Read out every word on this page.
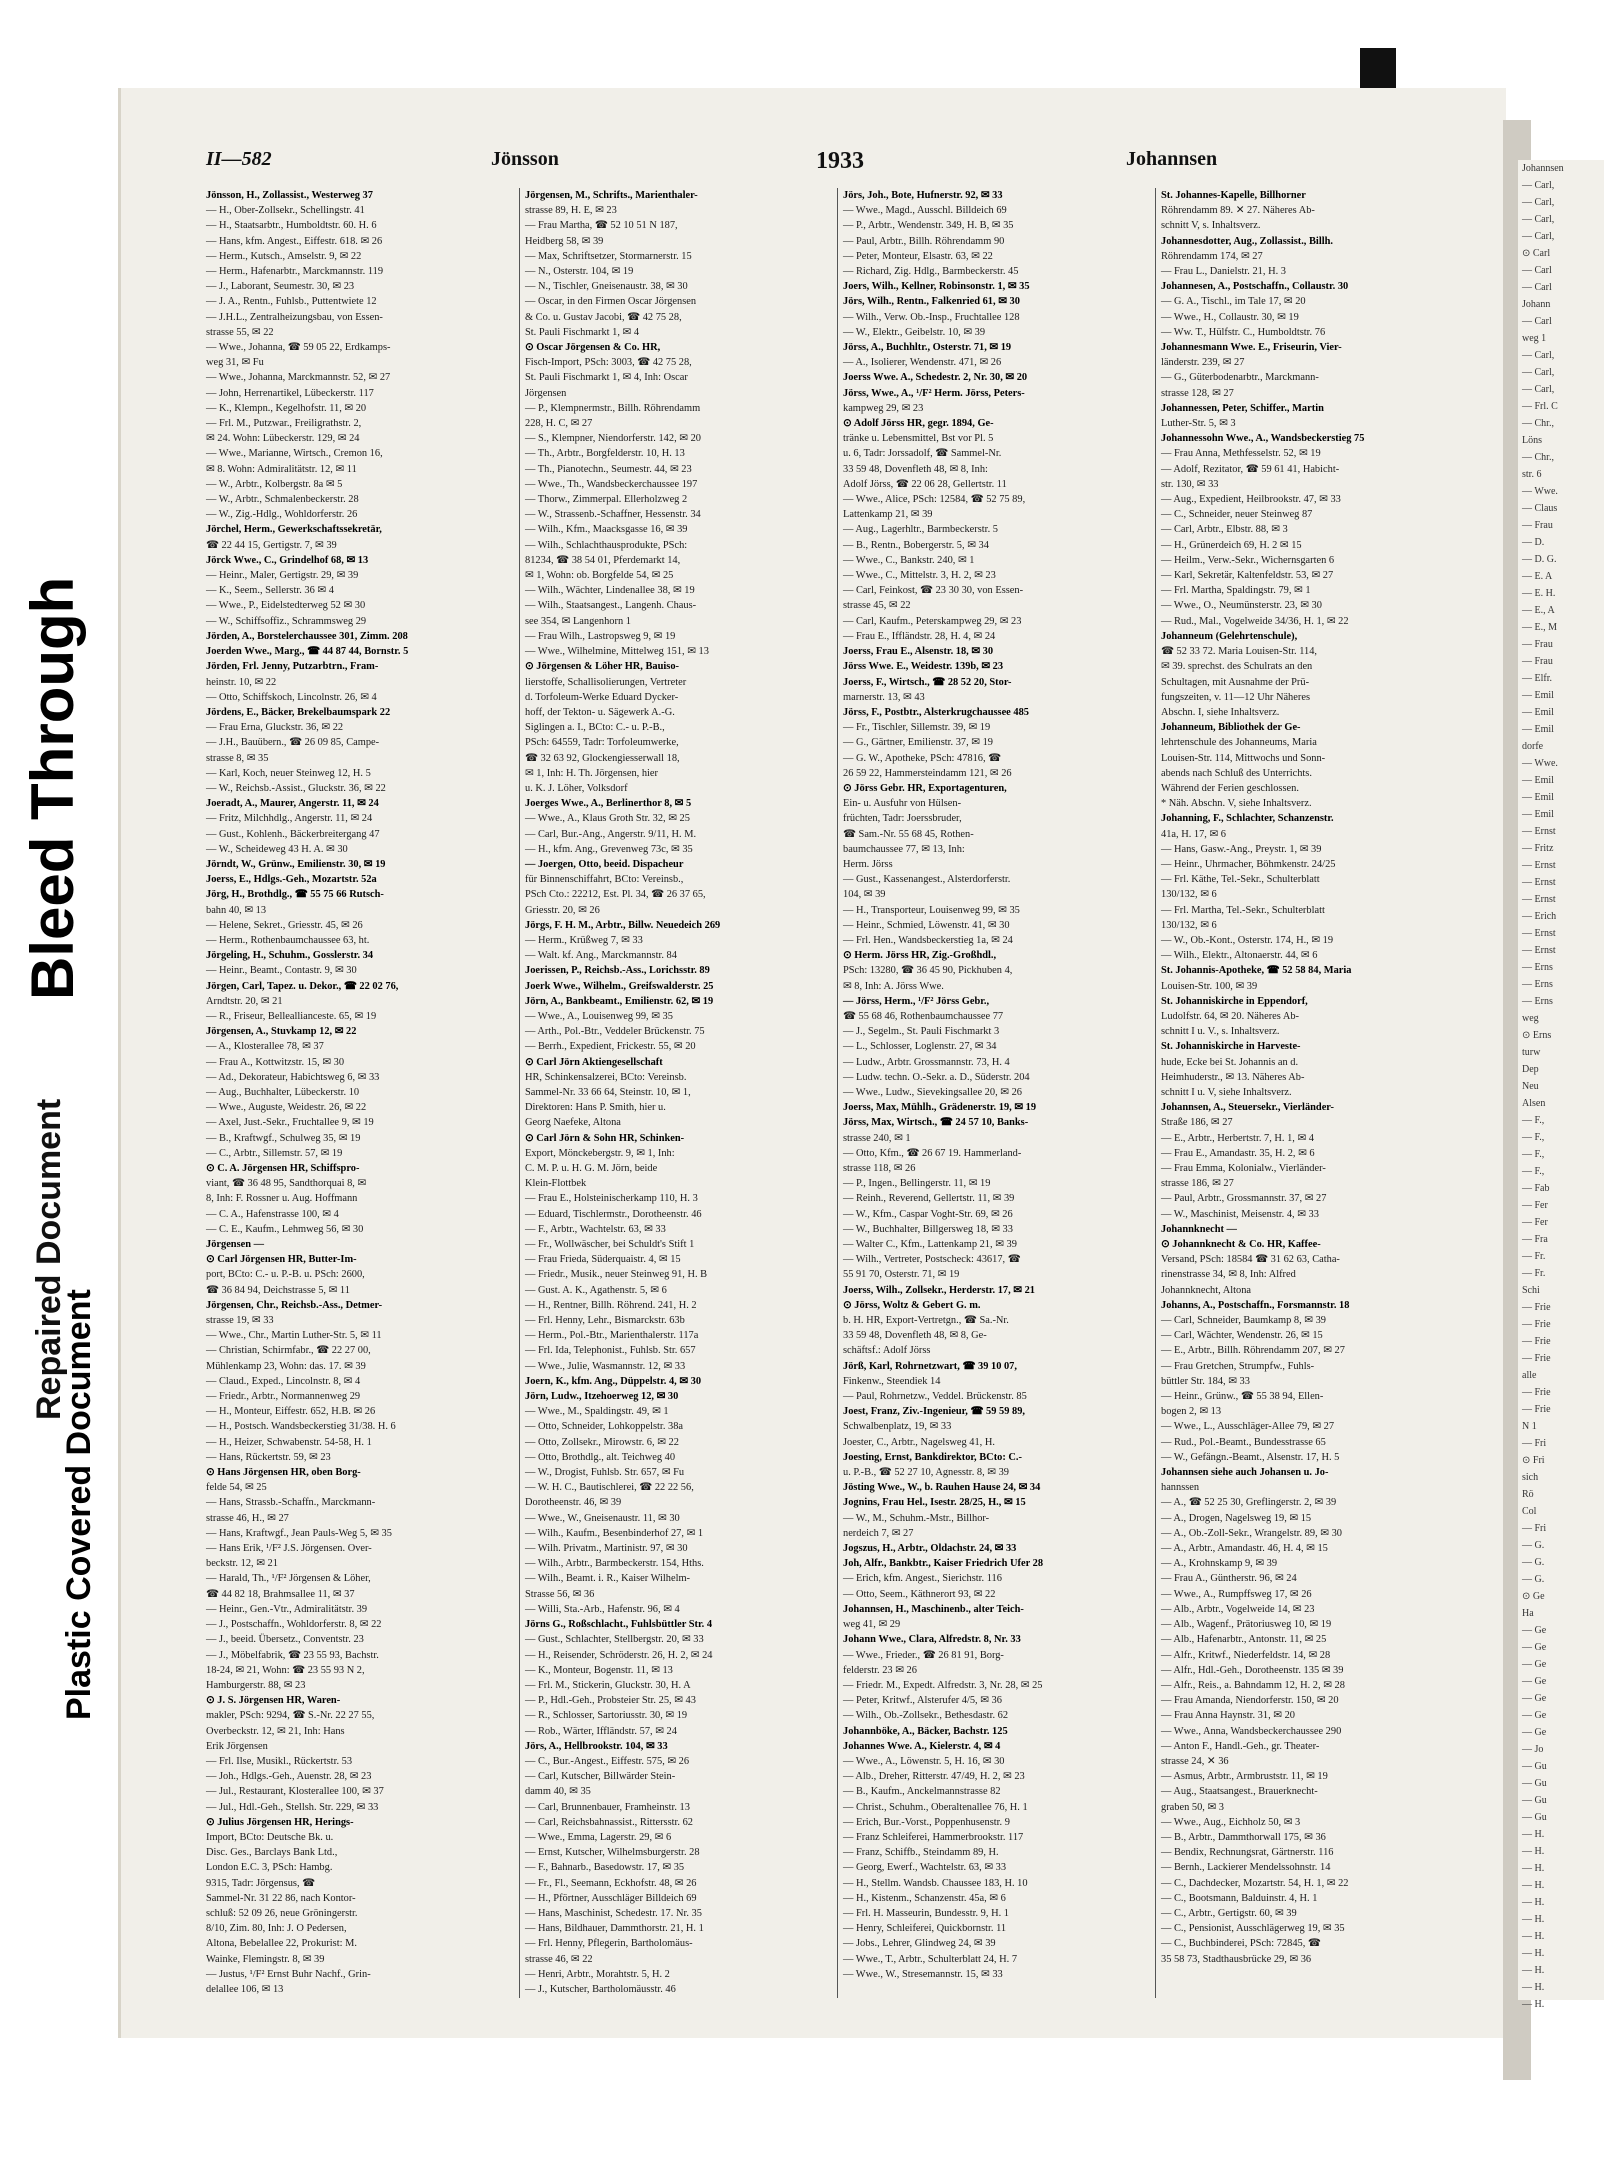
Repaired Document
Plastic Covered Document
Bleed Through
II—582	Jönsson	1933	Johannsen
Jönsson, H., Zollassist., Westerweg 37
— H., Ober-Zollsekr., Schellingstr. 41
— H., Staatsarbtr., Humboldtstr. 60. H. 6
— Hans, kfm. Angest., Eiffestr. 618. ✉ 26
— Herm., Kutsch., Amselstr. 9, ✉ 22
— Herm., Hafenarbtr., Marckmannstr. 119
— J., Laborant, Seumestr. 30, ✉ 23
— J. A., Rentn., Fuhlsb., Puttentwiete 12
— J.H.L., Zentralheizungsbau, von Essen-
strasse 55, ✉ 22
— Wwe., Johanna, ☎ 59 05 22, Erdkamps-
weg 31, ✉ Fu
— Wwe., Johanna, Marckmannstr. 52, ✉ 27
— John, Herrenartikel, Lübeckerstr. 117
— K., Klempn., Kegelhofstr. 11, ✉ 20
— Frl. M., Putzwar., Freiligrathstr. 2,
✉ 24. Wohn: Lübeckerstr. 129, ✉ 24
— Wwe., Marianne, Wirtsch., Cremon 16,
✉ 8. Wohn: Admiralitätstr. 12, ✉ 11
— W., Arbtr., Kolbergstr. 8a ✉ 5
— W., Arbtr., Schmalenbeckerstr. 28
— W., Zig.-Hdlg., Wohldorferstr. 26
Jörchel, Herm., Gewerkschaftssekretär,
☎ 22 44 15, Gertigstr. 7, ✉ 39
Jörck Wwe., C., Grindelhof 68, ✉ 13
— Heinr., Maler, Gertigstr. 29, ✉ 39
— K., Seem., Sellerstr. 36 ✉ 4
— Wwe., P., Eidelstedterweg 52 ✉ 30
— W., Schiffsoffiz., Schrammsweg 29
Jörden, A., Borstelerchaussee 301, Zimm. 208
Joerden Wwe., Marg., ☎ 44 87 44, Bornstr. 5
Jörden, Frl. Jenny, Putzarbtrn., Fram-
heinstr. 10, ✉ 22
— Otto, Schiffskoch, Lincolnstr. 26, ✉ 4
Jördens, E., Bäcker, Brekelbaumspark 22
— Frau Erna, Gluckstr. 36, ✉ 22
— J.H., Bauübern., ☎ 26 09 85, Campe-
strasse 8, ✉ 35
— Karl, Koch, neuer Steinweg 12, H. 5
— W., Reichsb.-Assist., Gluckstr. 36, ✉ 22
Joeradt, A., Maurer, Angerstr. 11, ✉ 24
— Fritz, Milchhdlg., Angerstr. 11, ✉ 24
— Gust., Kohlenh., Bäckerbreitergang 47
— W., Scheideweg 43 H. A. ✉ 30
Jörndt, W., Grünw., Emilienstr. 30, ✉ 19
Joerss, E., Hdlgs.-Geh., Mozartstr. 52a
Jörg, H., Brothdlg., ☎ 55 75 66 Rutsch-
bahn 40, ✉ 13
— Helene, Sekret., Griesstr. 45, ✉ 26
— Herm., Rothenbaumchaussee 63, ht.
Jörgeling, H., Schuhm., Gosslerstr. 34
— Heinr., Beamt., Contastr. 9, ✉ 30
Jörgen, Carl, Tapez. u. Dekor., ☎ 22 02 76,
Arndtstr. 20, ✉ 21
— R., Friseur, Belleallianceste. 65, ✉ 19
Jörgensen, A., Stuvkamp 12, ✉ 22
— A., Klosterallee 78, ✉ 37
— Frau A., Kottwitzstr. 15, ✉ 30
— Ad., Dekorateur, Habichtsweg 6, ✉ 33
— Aug., Buchhalter, Lübeckerstr. 10
— Wwe., Auguste, Weidestr. 26, ✉ 22
— Axel, Just.-Sekr., Fruchtallee 9, ✉ 19
— B., Kraftwgf., Schulweg 35, ✉ 19
— C., Arbtr., Sillemstr. 57, ✉ 19
⊙ C. A. Jörgensen HR, Schiffspro-
viant, ☎ 36 48 95, Sandthorquai 8, ✉
8, Inh: F. Rossner u. Aug. Hoffmann
— C. A., Hafenstrasse 100, ✉ 4
— C. E., Kaufm., Lehmweg 56, ✉ 30
Jörgensen —
⊙ Carl Jörgensen HR, Butter-Im-
port, BCto: C.- u. P.-B. u. PSch: 2600,
☎ 36 84 94, Deichstrasse 5, ✉ 11
Jörgensen, Chr., Reichsb.-Ass., Detmer-
strasse 19, ✉ 33
— Wwe., Chr., Martin Luther-Str. 5, ✉ 11
— Christian, Schirmfabr., ☎ 22 27 00,
Mühlenkamp 23, Wohn: das. 17. ✉ 39
— Claud., Exped., Lincolnstr. 8, ✉ 4
— Friedr., Arbtr., Normannenweg 29
— H., Monteur, Eiffestr. 652, H.B. ✉ 26
— H., Postsch. Wandsbeckerstieg 31/38. H. 6
— H., Heizer, Schwabenstr. 54-58, H. 1
— Hans, Rückertstr. 59, ✉ 23
⊙ Hans Jörgensen HR, oben Borg-
felde 54, ✉ 25
— Hans, Strassb.-Schaffn., Marckmann-
strasse 46, H., ✉ 27
— Hans, Kraftwgf., Jean Pauls-Weg 5, ✉ 35
— Hans Erik, ¹/F² J.S. Jörgensen. Over-
beckstr. 12, ✉ 21
— Harald, Th., ¹/F² Jörgensen & Löher,
☎ 44 82 18, Brahmsallee 11, ✉ 37
— Heinr., Gen.-Vtr., Admiralitätstr. 39
— J., Postschaffn., Wohldorferstr. 8, ✉ 22
— J., beeid. Übersetz., Conventstr. 23
— J., Möbelfabrik, ☎ 23 55 93, Bachstr.
18-24, ✉ 21, Wohn: ☎ 23 55 93 N 2,
Hamburgerstr. 88, ✉ 23
⊙ J. S. Jörgensen HR, Waren-
makler, PSch: 9294, ☎ S.-Nr. 22 27 55,
Overbeckstr. 12, ✉ 21, Inh: Hans
Erik Jörgensen
— Frl. Ilse, Musikl., Rückertstr. 53
— Joh., Hdlgs.-Geh., Auenstr. 28, ✉ 23
— Jul., Restaurant, Klosterallee 100, ✉ 37
— Jul., Hdl.-Geh., Stellsh. Str. 229, ✉ 33
⊙ Julius Jörgensen HR, Herings-
Import, BCto: Deutsche Bk. u.
Disc. Ges., Barclays Bank Ltd.,
London E.C. 3, PSch: Hambg.
9315, Tadr: Jörgensus, ☎
Sammel-Nr. 31 22 86, nach Kontor-
schluß: 52 09 26, neue Gröningerstr.
8/10, Zim. 80, Inh: J. O Pedersen,
Altona, Bebelallee 22, Prokurist: M.
Wainke, Flemingstr. 8, ✉ 39
— Justus, ¹/F² Ernst Buhr Nachf., Grin-
delallee 106, ✉ 13
Jörgensen, M., Schrifts., Marienthaler-
strasse 89, H. E, ✉ 23
— Frau Martha, ☎ 52 10 51 N 187,
Heidberg 58, ✉ 39
— Max, Schriftsetzer, Stormarnerstr. 15
— N., Osterstr. 104, ✉ 19
— N., Tischler, Gneisenaustr. 38, ✉ 30
— Oscar, in den Firmen Oscar Jörgensen
& Co. u. Gustav Jacobi, ☎ 42 75 28,
St. Pauli Fischmarkt 1, ✉ 4
⊙ Oscar Jörgensen & Co. HR,
Fisch-Import, PSch: 3003, ☎ 42 75 28,
St. Pauli Fischmarkt 1, ✉ 4, Inh: Oscar
Jörgensen
— P., Klempnermstr., Billh. Röhrendamm
228, H. C, ✉ 27
— S., Klempner, Niendorferstr. 142, ✉ 20
— Th., Arbtr., Borgfelderstr. 10, H. 13
— Th., Pianotechn., Seumestr. 44, ✉ 23
— Wwe., Th., Wandsbeckerchaussee 197
— Thorw., Zimmerpal. Ellerholzweg 2
— W., Strassenb.-Schaffner, Hessenstr. 34
— Wilh., Kfm., Maacksgasse 16, ✉ 39
— Wilh., Schlachthausprodukte, PSch:
81234, ☎ 38 54 01, Pferdemarkt 14,
✉ 1, Wohn: ob. Borgfelde 54, ✉ 25
— Wilh., Wächter, Lindenallee 38, ✉ 19
— Wilh., Staatsangest., Langenh. Chaus-
see 354, ✉ Langenhorn 1
— Frau Wilh., Lastropsweg 9, ✉ 19
— Wwe., Wilhelmine, Mittelweg 151, ✉ 13
⊙ Jörgensen & Löher HR, Bauiso-
lierstoffe, Schallisolierungen, Vertreter
d. Torfoleum-Werke Eduard Dycker-
hoff, der Tekton- u. Sägewerk A.-G.
Siglingen a. I., BCto: C.- u. P.-B.,
PSch: 64559, Tadr: Torfoleumwerke,
☎ 32 63 92, Glockengiesserwall 18,
✉ 1, Inh: H. Th. Jörgensen, hier
u. K. J. Löher, Volksdorf
Joerges Wwe., A., Berlinerthor 8, ✉ 5
— Wwe., A., Klaus Groth Str. 32, ✉ 25
— Carl, Bur.-Ang., Angerstr. 9/11, H. M.
— H., kfm. Ang., Grevenweg 73c, ✉ 35
— Joergen, Otto, beeid. Dispacheur
für Binnenschiffahrt, BCto: Vereinsb.,
PSch Cto.: 22212, Est. Pl. 34, ☎ 26 37 65,
Griesstr. 20, ✉ 26
Jörgs, F. H. M., Arbtr., Billw. Neuedeich 269
— Herm., Krüßweg 7, ✉ 33
— Walt. kf. Ang., Marckmannstr. 84
Joerissen, P., Reichsb.-Ass., Lorichsstr. 89
Joerk Wwe., Wilhelm., Greifswalderstr. 25
Jörn, A., Bankbeamt., Emilienstr. 62, ✉ 19
— Wwe., A., Louisenweg 99, ✉ 35
— Arth., Pol.-Btr., Veddeler Brückenstr. 75
— Berrh., Expedient, Frickestr. 55, ✉ 20
⊙ Carl Jörn Aktiengesellschaft
HR, Schinkensalzerei, BCto: Vereinsb.
Sammel-Nr. 33 66 64, Steinstr. 10, ✉ 1,
Direktoren: Hans P. Smith, hier u.
Georg Naefeke, Altona
⊙ Carl Jörn & Sohn HR, Schinken-
Export, Mönckebergstr. 9, ✉ 1, Inh:
C. M. P. u. H. G. M. Jörn, beide
Klein-Flottbek
— Frau E., Holsteinischerkamp 110, H. 3
— Eduard, Tischlermstr., Dorotheenstr. 46
— F., Arbtr., Wachtelstr. 63, ✉ 33
— Fr., Wollwäscher, bei Schuldt's Stift 1
— Frau Frieda, Süderquaistr. 4, ✉ 15
— Friedr., Musik., neuer Steinweg 91, H. B
— Gust. A. K., Agathenstr. 5, ✉ 6
— H., Rentner, Billh. Röhrend. 241, H. 2
— Frl. Henny, Lehr., Bismarckstr. 63b
— Herm., Pol.-Btr., Marienthalerstr. 117a
— Frl. Ida, Telephonist., Fuhlsb. Str. 657
— Wwe., Julie, Wasmannstr. 12, ✉ 33
Joern, K., kfm. Ang., Düppelstr. 4, ✉ 30
Jörn, Ludw., Itzehoerweg 12, ✉ 30
— Wwe., M., Spaldingstr. 49, ✉ 1
— Otto, Schneider, Lohkoppelstr. 38a
— Otto, Zollsekr., Mirowstr. 6, ✉ 22
— Otto, Brothdlg., alt. Teichweg 40
— W., Drogist, Fuhlsb. Str. 657, ✉ Fu
— W. H. C., Bautischlerei, ☎ 22 22 56,
Dorotheenstr. 46, ✉ 39
— Wwe., W., Gneisenaustr. 11, ✉ 30
— Wilh., Kaufm., Besenbinderhof 27, ✉ 1
— Wilh. Privatm., Martinistr. 97, ✉ 30
— Wilh., Arbtr., Barmbeckerstr. 154, Hths.
— Wilh., Beamt. i. R., Kaiser Wilhelm-
Strasse 56, ✉ 36
— Willi, Sta.-Arb., Hafenstr. 96, ✉ 4
Jörns G., Roßschlacht., Fuhlsbüttler Str. 4
— Gust., Schlachter, Stellbergstr. 20, ✉ 33
— H., Reisender, Schröderstr. 26, H. 2, ✉ 24
— K., Monteur, Bogenstr. 11, ✉ 13
— Frl. M., Stickerin, Gluckstr. 30, H. A
— P., Hdl.-Geh., Probsteier Str. 25, ✉ 43
— R., Schlosser, Sartoriusstr. 30, ✉ 19
— Rob., Wärter, Iffländstr. 57, ✉ 24
Jörs, A., Hellbrookstr. 104, ✉ 33
— C., Bur.-Angest., Eiffestr. 575, ✉ 26
— Carl, Kutscher, Billwärder Stein-
damm 40, ✉ 35
— Carl, Brunnenbauer, Framheinstr. 13
— Carl, Reichsbahnassist., Rittersstr. 62
— Wwe., Emma, Lagerstr. 29, ✉ 6
— Ernst, Kutscher, Wilhelmsburgerstr. 28
— F., Bahnarb., Basedowstr. 17, ✉ 35
— Fr., Fl., Seemann, Eckhofstr. 48, ✉ 26
— H., Pförtner, Ausschläger Billdeich 69
— Hans, Maschinist, Schedestr. 17. Nr. 35
— Hans, Bildhauer, Dammthorstr. 21, H. 1
— Frl. Henny, Pflegerin, Bartholomäus-
strasse 46, ✉ 22
— Henri, Arbtr., Morahtstr. 5, H. 2
— J., Kutscher, Bartholomäusstr. 46
Jörs, Joh., Bote, Hufnerstr. 92, ✉ 33
— Wwe., Magd., Ausschl. Billdeich 69
— P., Arbtr., Wendenstr. 349, H. B, ✉ 35
— Paul, Arbtr., Billh. Röhrendamm 90
— Peter, Monteur, Elsastr. 63, ✉ 22
— Richard, Zig. Hdlg., Barmbeckerstr. 45
Joers, Wilh., Kellner, Robinsonstr. 1, ✉ 35
Jörs, Wilh., Rentn., Falkenried 61, ✉ 30
— Wilh., Verw. Ob.-Insp., Fruchtallee 128
— W., Elektr., Geibelstr. 10, ✉ 39
Jörss, A., Buchhltr., Osterstr. 71, ✉ 19
— A., Isolierer, Wendenstr. 471, ✉ 26
Joerss Wwe. A., Schedestr. 2, Nr. 30, ✉ 20
Jörss, Wwe., A., ¹/F² Herm. Jörss, Peters-
kampweg 29, ✉ 23
⊙ Adolf Jörss HR, gegr. 1894, Ge-
tränke u. Lebensmittel, Bst vor Pl. 5
u. 6, Tadr: Jorssadolf, ☎ Sammel-Nr.
33 59 48, Dovenfleth 48, ✉ 8, Inh:
Adolf Jörss, ☎ 22 06 28, Gellertstr. 11
— Wwe., Alice, PSch: 12584, ☎ 52 75 89,
Lattenkamp 21, ✉ 39
— Aug., Lagerhltr., Barmbeckerstr. 5
— B., Rentn., Bobergerstr. 5, ✉ 34
— Wwe., C., Bankstr. 240, ✉ 1
— Wwe., C., Mittelstr. 3, H. 2, ✉ 23
— Carl, Feinkost, ☎ 23 30 30, von Essen-
strasse 45, ✉ 22
— Carl, Kaufm., Peterskampweg 29, ✉ 23
— Frau E., Iffländstr. 28, H. 4, ✉ 24
Joerss, Frau E., Alsenstr. 18, ✉ 30
Jörss Wwe. E., Weidestr. 139b, ✉ 23
Joerss, F., Wirtsch., ☎ 28 52 20, Stor-
marnerstr. 13, ✉ 43
Jörss, F., Postbtr., Alsterkrugchaussee 485
— Fr., Tischler, Sillemstr. 39, ✉ 19
— G., Gärtner, Emilienstr. 37, ✉ 19
— G. W., Apotheke, PSch: 47816, ☎
26 59 22, Hammersteindamm 121, ✉ 26
⊙ Jörss Gebr. HR, Exportagenturen,
Ein- u. Ausfuhr von Hülsen-
früchten, Tadr: Joerssbruder,
☎ Sam.-Nr. 55 68 45, Rothen-
baumchaussee 77, ✉ 13, Inh:
Herm. Jörss
— Gust., Kassenangest., Alsterdorferstr.
104, ✉ 39
— H., Transporteur, Louisenweg 99, ✉ 35
— Heinr., Schmied, Löwenstr. 41, ✉ 30
— Frl. Hen., Wandsbeckerstieg 1a, ✉ 24
⊙ Herm. Jörss HR, Zig.-Großhdl.,
PSch: 13280, ☎ 36 45 90, Pickhuben 4,
✉ 8, Inh: A. Jörss Wwe.
— Jörss, Herm., ¹/F² Jörss Gebr.,
☎ 55 68 46, Rothenbaumchaussee 77
— J., Segelm., St. Pauli Fischmarkt 3
— L., Schlosser, Loglenstr. 27, ✉ 34
— Ludw., Arbtr. Grossmannstr. 73, H. 4
— Ludw. techn. O.-Sekr. a. D., Süderstr. 204
— Wwe., Ludw., Sievekingsallee 20, ✉ 26
Joerss, Max, Mühlh., Grädenerstr. 19, ✉ 19
Jörss, Max, Wirtsch., ☎ 24 57 10, Banks-
strasse 240, ✉ 1
— Otto, Kfm., ☎ 26 67 19. Hammerland-
strasse 118, ✉ 26
— P., Ingen., Bellingerstr. 11, ✉ 19
— Reinh., Reverend, Gellertstr. 11, ✉ 39
— W., Kfm., Caspar Voght-Str. 69, ✉ 26
— W., Buchhalter, Billgersweg 18, ✉ 33
— Walter C., Kfm., Lattenkamp 21, ✉ 39
— Wilh., Vertreter, Postscheck: 43617, ☎
55 91 70, Osterstr. 71, ✉ 19
Joerss, Wilh., Zollsekr., Herderstr. 17, ✉ 21
⊙ Jörss, Woltz & Gebert G. m.
b. H. HR, Export-Vertretgn., ☎ Sa.-Nr.
33 59 48, Dovenfleth 48, ✉ 8, Ge-
schäftsf.: Adolf Jörss
Jörß, Karl, Rohrnetzwart, ☎ 39 10 07,
Finkenw., Steendiek 14
— Paul, Rohrnetzw., Veddel. Brückenstr. 85
Joest, Franz, Ziv.-Ingenieur, ☎ 59 59 89,
Schwalbenplatz, 19, ✉ 33
Joester, C., Arbtr., Nagelsweg 41, H.
Joesting, Ernst, Bankdirektor, BCto: C.-
u. P.-B., ☎ 52 27 10, Agnesstr. 8, ✉ 39
Jösting Wwe., W., b. Rauhen Hause 24, ✉ 34
Jognins, Frau Hel., Isestr. 28/25, H., ✉ 15
— W., M., Schuhm.-Mstr., Billhor-
nerdeich 7, ✉ 27
Jogszus, H., Arbtr., Oldachstr. 24, ✉ 33
Joh, Alfr., Bankbtr., Kaiser Friedrich Ufer 28
— Erich, kfm. Angest., Sierichstr. 116
— Otto, Seem., Käthnerort 93, ✉ 22
Johannsen, H., Maschinenb., alter Teich-
weg 41, ✉ 29
Johann Wwe., Clara, Alfredstr. 8, Nr. 33
— Wwe., Frieder., ☎ 26 81 91, Borg-
felderstr. 23 ✉ 26
— Friedr. M., Expedt. Alfredstr. 3, Nr. 28, ✉ 25
— Peter, Kritwf., Alsterufer 4/5, ✉ 36
— Wilh., Ob.-Zollsekr., Bethesdastr. 62
Johannböke, A., Bäcker, Bachstr. 125
Johannes Wwe. A., Kielerstr. 4, ✉ 4
— Wwe., A., Löwenstr. 5, H. 16, ✉ 30
— Alb., Dreher, Ritterstr. 47/49, H. 2, ✉ 23
— B., Kaufm., Anckelmannstrasse 82
— Christ., Schuhm., Oberaltenallee 76, H. 1
— Erich, Bur.-Vorst., Poppenhusenstr. 9
— Franz Schleiferei, Hammerbrookstr. 117
— Franz, Schiffb., Steindamm 89, H.
— Georg, Ewerf., Wachtelstr. 63, ✉ 33
— H., Stellm. Wandsb. Chaussee 183, H. 10
— H., Kistenm., Schanzenstr. 45a, ✉ 6
— Frl. H. Masseurin, Bundesstr. 9, H. 1
— Henry, Schleiferei, Quickbornstr. 11
— Jobs., Lehrer, Glindweg 24, ✉ 39
— Wwe., T., Arbtr., Schulterblatt 24, H. 7
— Wwe., W., Stresemannstr. 15, ✉ 33
St. Johannes-Kapelle, Billhorner
Röhrendamm 89. ✕ 27. Näheres Ab-
schnitt V, s. Inhaltsverz.
Johannesdotter, Aug., Zollassist., Billh.
Röhrendamm 174, ✉ 27
— Frau L., Danielstr. 21, H. 3
Johannesen, A., Postschaffn., Collaustr. 30
— G. A., Tischl., im Tale 17, ✉ 20
— Wwe., H., Collaustr. 30, ✉ 19
— Ww. T., Hülfstr. C., Humboldtstr. 76
Johannesmann Wwe. E., Friseurin, Vier-
länderstr. 239, ✉ 27
— G., Güterbodenarbtr., Marckmann-
strasse 128, ✉ 27
Johannessen, Peter, Schiffer., Martin
Luther-Str. 5, ✉ 3
Johannessohn Wwe., A., Wandsbeckerstieg 75
— Frau Anna, Methfesselstr. 52, ✉ 19
— Adolf, Rezitator, ☎ 59 61 41, Habicht-
str. 130, ✉ 33
— Aug., Expedient, Heilbrookstr. 47, ✉ 33
— C., Schneider, neuer Steinweg 87
— Carl, Arbtr., Elbstr. 88, ✉ 3
— H., Grünerdeich 69, H. 2 ✉ 15
— Heilm., Verw.-Sekr., Wichernsgarten 6
— Karl, Sekretär, Kaltenfeldstr. 53, ✉ 27
— Frl. Martha, Spaldingstr. 79, ✉ 1
— Wwe., O., Neumünsterstr. 23, ✉ 30
— Rud., Mal., Vogelweide 34/36, H. 1, ✉ 22
Johanneum (Gelehrtenschule),
☎ 52 33 72. Maria Louisen-Str. 114,
✉ 39. sprechst. des Schulrats an den
Schultagen, mit Ausnahme der Prü-
fungszeiten, v. 11—12 Uhr Näheres
Abschn. I, siehe Inhaltsverz.
Johanneum, Bibliothek der Ge-
lehrtenschule des Johanneums, Maria
Louisen-Str. 114, Mittwochs und Sonn-
abends nach Schluß des Unterrichts.
Während der Ferien geschlossen.
* Näh. Abschn. V, siehe Inhaltsverz.
Johanning, F., Schlachter, Schanzenstr.
41a, H. 17, ✉ 6
— Hans, Gasw.-Ang., Preystr. 1, ✉ 39
— Heinr., Uhrmacher, Böhmkenstr. 24/25
— Frl. Käthe, Tel.-Sekr., Schulterblatt
130/132, ✉ 6
— Frl. Martha, Tel.-Sekr., Schulterblatt
130/132, ✉ 6
— W., Ob.-Kont., Osterstr. 174, H., ✉ 19
— Wilh., Elektr., Altonaerstr. 44, ✉ 6
St. Johannis-Apotheke, ☎ 52 58 84, Maria
Louisen-Str. 100, ✉ 39
St. Johanniskirche in Eppendorf,
Ludolfstr. 64, ✉ 20. Näheres Ab-
schnitt I u. V., s. Inhaltsverz.
St. Johanniskirche in Harveste-
hude, Ecke bei St. Johannis an d.
Heimhuderstr., ✉ 13. Näheres Ab-
schnitt I u. V, siehe Inhaltsverz.
Johannsen, A., Steuersekr., Vierländer-
Straße 186, ✉ 27
— E., Arbtr., Herbertstr. 7, H. 1, ✉ 4
— Frau E., Amandastr. 35, H. 2, ✉ 6
— Frau Emma, Kolonialw., Vierländer-
strasse 186, ✉ 27
— Paul, Arbtr., Grossmannstr. 37, ✉ 27
— W., Maschinist, Meisenstr. 4, ✉ 33
Johannknecht —
⊙ Johannknecht & Co. HR, Kaffee-
Versand, PSch: 18584 ☎ 31 62 63, Catha-
rinenstrasse 34, ✉ 8, Inh: Alfred
Johannknecht, Altona
Johanns, A., Postschaffn., Forsmannstr. 18
— Carl, Schneider, Baumkamp 8, ✉ 39
— Carl, Wächter, Wendenstr. 26, ✉ 15
— E., Arbtr., Billh. Röhrendamm 207, ✉ 27
— Frau Gretchen, Strumpfw., Fuhls-
büttler Str. 184, ✉ 33
— Heinr., Grünw., ☎ 55 38 94, Ellen-
bogen 2, ✉ 13
— Wwe., L., Ausschläger-Allee 79, ✉ 27
— Rud., Pol.-Beamt., Bundesstrasse 65
— W., Gefängn.-Beamt., Alsenstr. 17, H. 5
Johannsen siehe auch Johansen u. Jo-
hannssen
— A., ☎ 52 25 30, Greflingerstr. 2, ✉ 39
— A., Drogen, Nagelsweg 19, ✉ 15
— A., Ob.-Zoll-Sekr., Wrangelstr. 89, ✉ 30
— A., Arbtr., Amandastr. 46, H. 4, ✉ 15
— A., Krohnskamp 9, ✉ 39
— Frau A., Güntherstr. 96, ✉ 24
— Wwe., A., Rumpffsweg 17, ✉ 26
— Alb., Arbtr., Vogelweide 14, ✉ 23
— Alb., Wagenf., Prätoriusweg 10, ✉ 19
— Alb., Hafenarbtr., Antonstr. 11, ✉ 25
— Alfr., Kritwf., Niederfeldstr. 14, ✉ 28
— Alfr., Hdl.-Geh., Dorotheenstr. 135 ✉ 39
— Alfr., Reis., a. Bahndamm 12, H. 2, ✉ 28
— Frau Amanda, Niendorferstr. 150, ✉ 20
— Frau Anna Haynstr. 31, ✉ 20
— Wwe., Anna, Wandsbeckerchaussee 290
— Anton F., Handl.-Geh., gr. Theater-
strasse 24, ✕ 36
— Asmus, Arbtr., Armbruststr. 11, ✉ 19
— Aug., Staatsangest., Brauerknecht-
graben 50, ✉ 3
— Wwe., Aug., Eichholz 50, ✉ 3
— B., Arbtr., Dammthorwall 175, ✉ 36
— Bendix, Rechnungsrat, Gärtnerstr. 116
— Bernh., Lackierer Mendelssohnstr. 14
— C., Dachdecker, Mozartstr. 54, H. 1, ✉ 22
— C., Bootsmann, Balduinstr. 4, H. 1
— C., Arbtr., Gertigstr. 60, ✉ 39
— C., Pensionist, Ausschlägerweg 19, ✉ 35
— C., Buchbinderei, PSch: 72845, ☎
35 58 73, Stadthausbrücke 29, ✉ 36
Johannsen
— Carl,
— Carl,
— Carl,
— Carl,
⊙ Carl
— Carl
— Carl
Johann
— Carl
weg 1
— Carl,
— Carl,
— Carl,
— Frl. C
— Chr.,
Löns
— Chr.,
str. 6
— Wwe.
— Claus
— Frau
— D.
— D. G.
— E. A
— E. H.
— E., A
— E., M
— Frau
— Frau
— Elfr.
— Emil
— Emil
— Emil
dorfe
— Wwe.
— Emil
— Emil
— Emil
— Ernst
— Fritz
— Ernst
— Ernst
— Ernst
— Erich
— Ernst
— Ernst
— Erns
— Erns
— Erns
weg
⊙ Erns
turw
Dep
Neu
Alsen
— F.,
— F.,
— F.,
— F.,
— Fab
— Fer
— Fer
— Fra
— Fr.
— Fr.
Schi
— Frie
— Frie
— Frie
— Frie
alle
— Frie
— Frie
N 1
— Fri
⊙ Fri
sich
Rö
Col
— Fri
— G.
— G.
— G.
⊙ Ge
Ha
— Ge
— Ge
— Ge
— Ge
— Ge
— Ge
— Ge
— Jo
— Gu
— Gu
— Gu
— Gu
— H.
— H.
— H.
— H.
— H.
— H.
— H.
— H.
— H.
— H.
— H.
